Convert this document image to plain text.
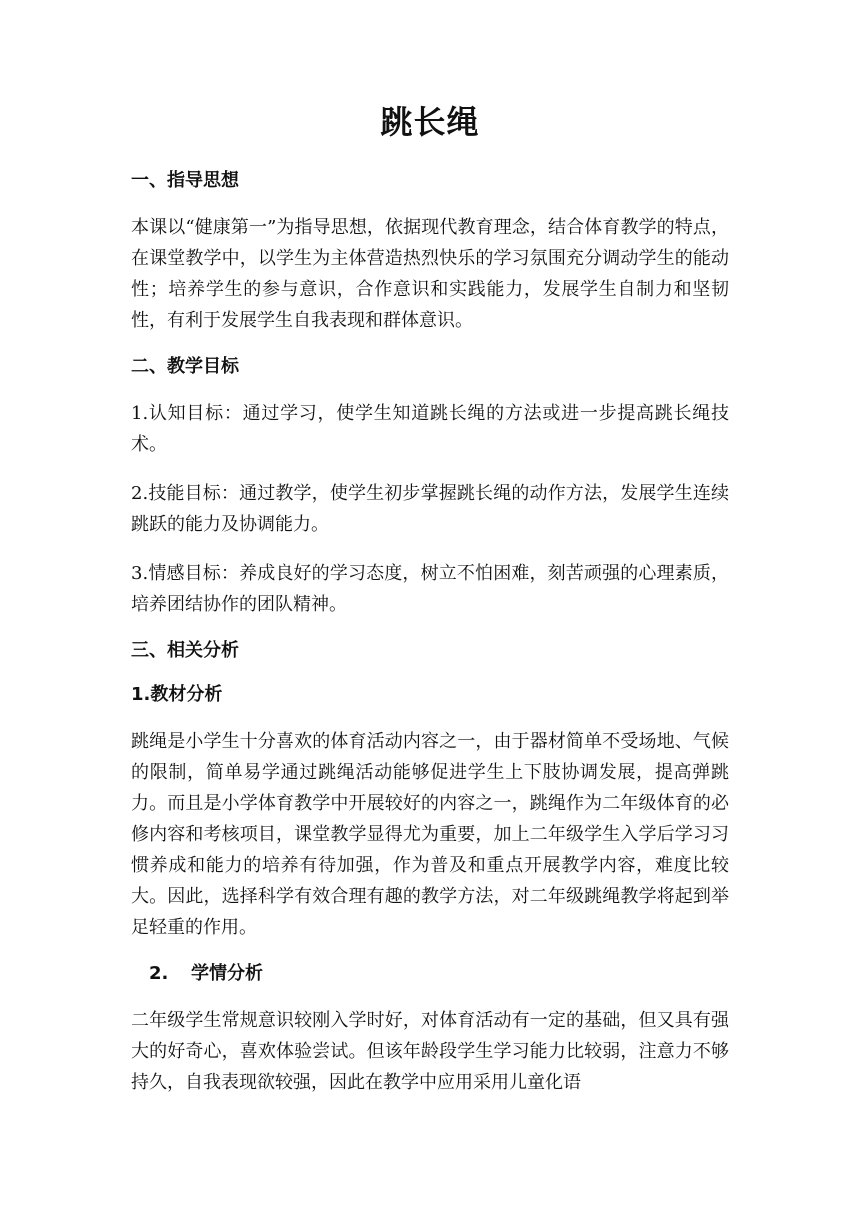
跳长绳
一、指导思想
本课以“健康第一”为指导思想，依据现代教育理念，结合体育教学的特点，在课堂教学中，以学生为主体营造热烈快乐的学习氛围充分调动学生的能动性；培养学生的参与意识，合作意识和实践能力，发展学生自制力和坚韧性，有利于发展学生自我表现和群体意识。
二、教学目标
1.认知目标：通过学习，使学生知道跳长绳的方法或进一步提高跳长绳技术。
2.技能目标：通过教学，使学生初步掌握跳长绳的动作方法，发展学生连续跳跃的能力及协调能力。
3.情感目标：养成良好的学习态度，树立不怕困难，刻苦顽强的心理素质，培养团结协作的团队精神。
三、相关分析
1.教材分析
跳绳是小学生十分喜欢的体育活动内容之一，由于器材简单不受场地、气候的限制，简单易学通过跳绳活动能够促进学生上下肢协调发展，提高弹跳力。而且是小学体育教学中开展较好的内容之一，跳绳作为二年级体育的必修内容和考核项目，课堂教学显得尤为重要，加上二年级学生入学后学习习惯养成和能力的培养有待加强，作为普及和重点开展教学内容，难度比较大。因此，选择科学有效合理有趣的教学方法，对二年级跳绳教学将起到举足轻重的作用。
2. 学情分析
二年级学生常规意识较刚入学时好，对体育活动有一定的基础，但又具有强大的好奇心，喜欢体验尝试。但该年龄段学生学习能力比较弱，注意力不够持久，自我表现欲较强，因此在教学中应用采用儿童化语
